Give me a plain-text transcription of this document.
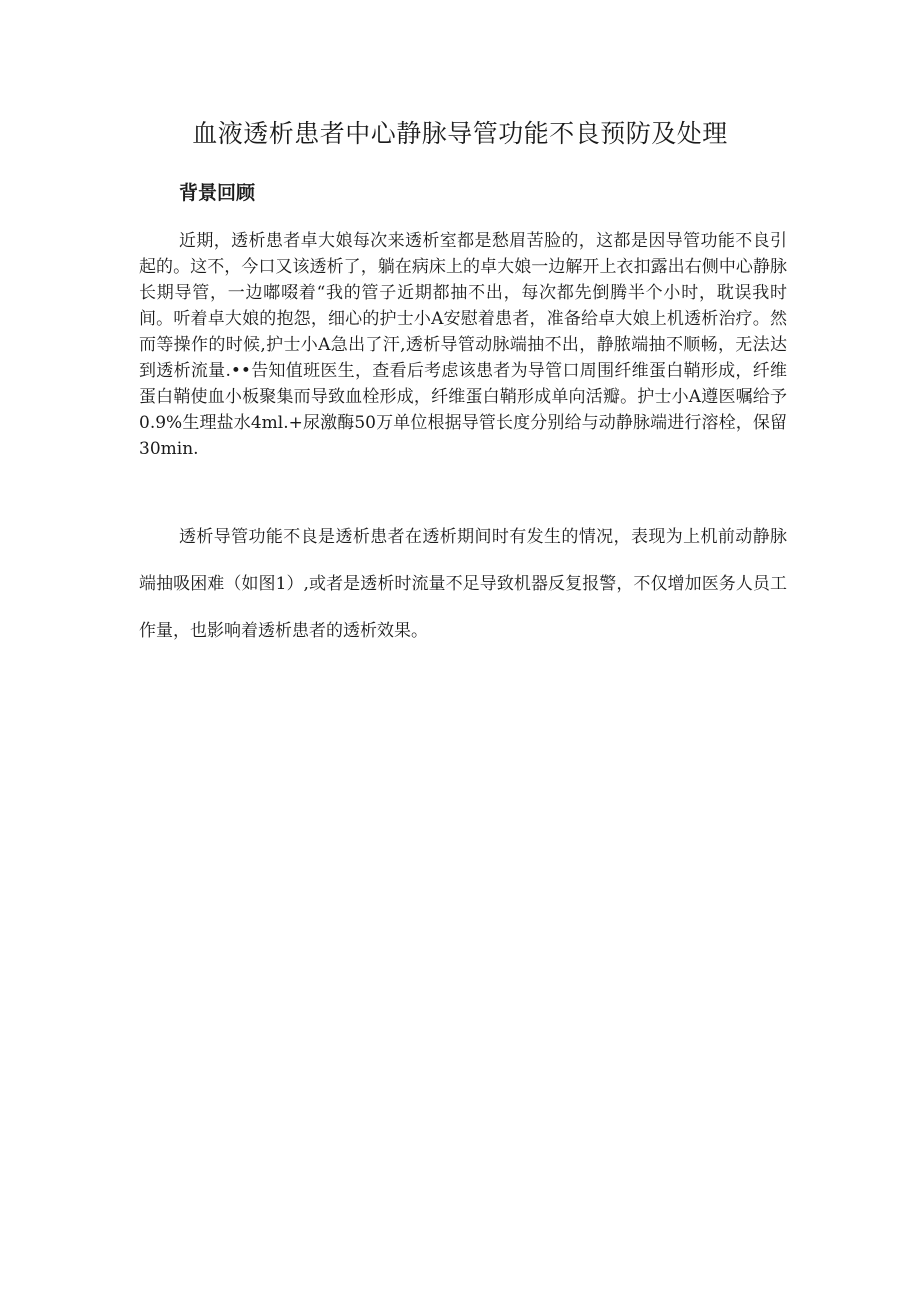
血液透析患者中心静脉导管功能不良预防及处理
背景回顾

近期，透析患者卓大娘每次来透析室都是愁眉苦脸的，这都是因导管功能不良引起的。这不，今口又该透析了，躺在病床上的卓大娘一边解开上衣扣露出右侧中心静脉长期导管，一边嘟啜着“我的管子近期都抽不出，每次都先倒腾半个小时，耽误我时间。听着卓大娘的抱怨，细心的护士小A安慰着患者，准备给卓大娘上机透析治疗。然而等操作的时候,护士小A急出了汗,透析导管动脉端抽不出，静脓端抽不顺畅，无法达到透析流量.••告知值班医生，查看后考虑该患者为导管口周围纤维蛋白鞘形成，纤维蛋白鞘使血小板聚集而导致血栓形成，纤维蛋白鞘形成单向活瓣。护士小A遵医嘱给予0.9%生理盐水4ml.+尿激酶50万单位根据导管长度分别给与动静脉端进行溶栓，保留30min.

透析导管功能不良是透析患者在透析期间时有发生的情况，表现为上机前动静脉端抽吸困难（如图1）,或者是透析时流量不足导致机器反复报警，不仅增加医务人员工作量，也影响着透析患者的透析效果。
